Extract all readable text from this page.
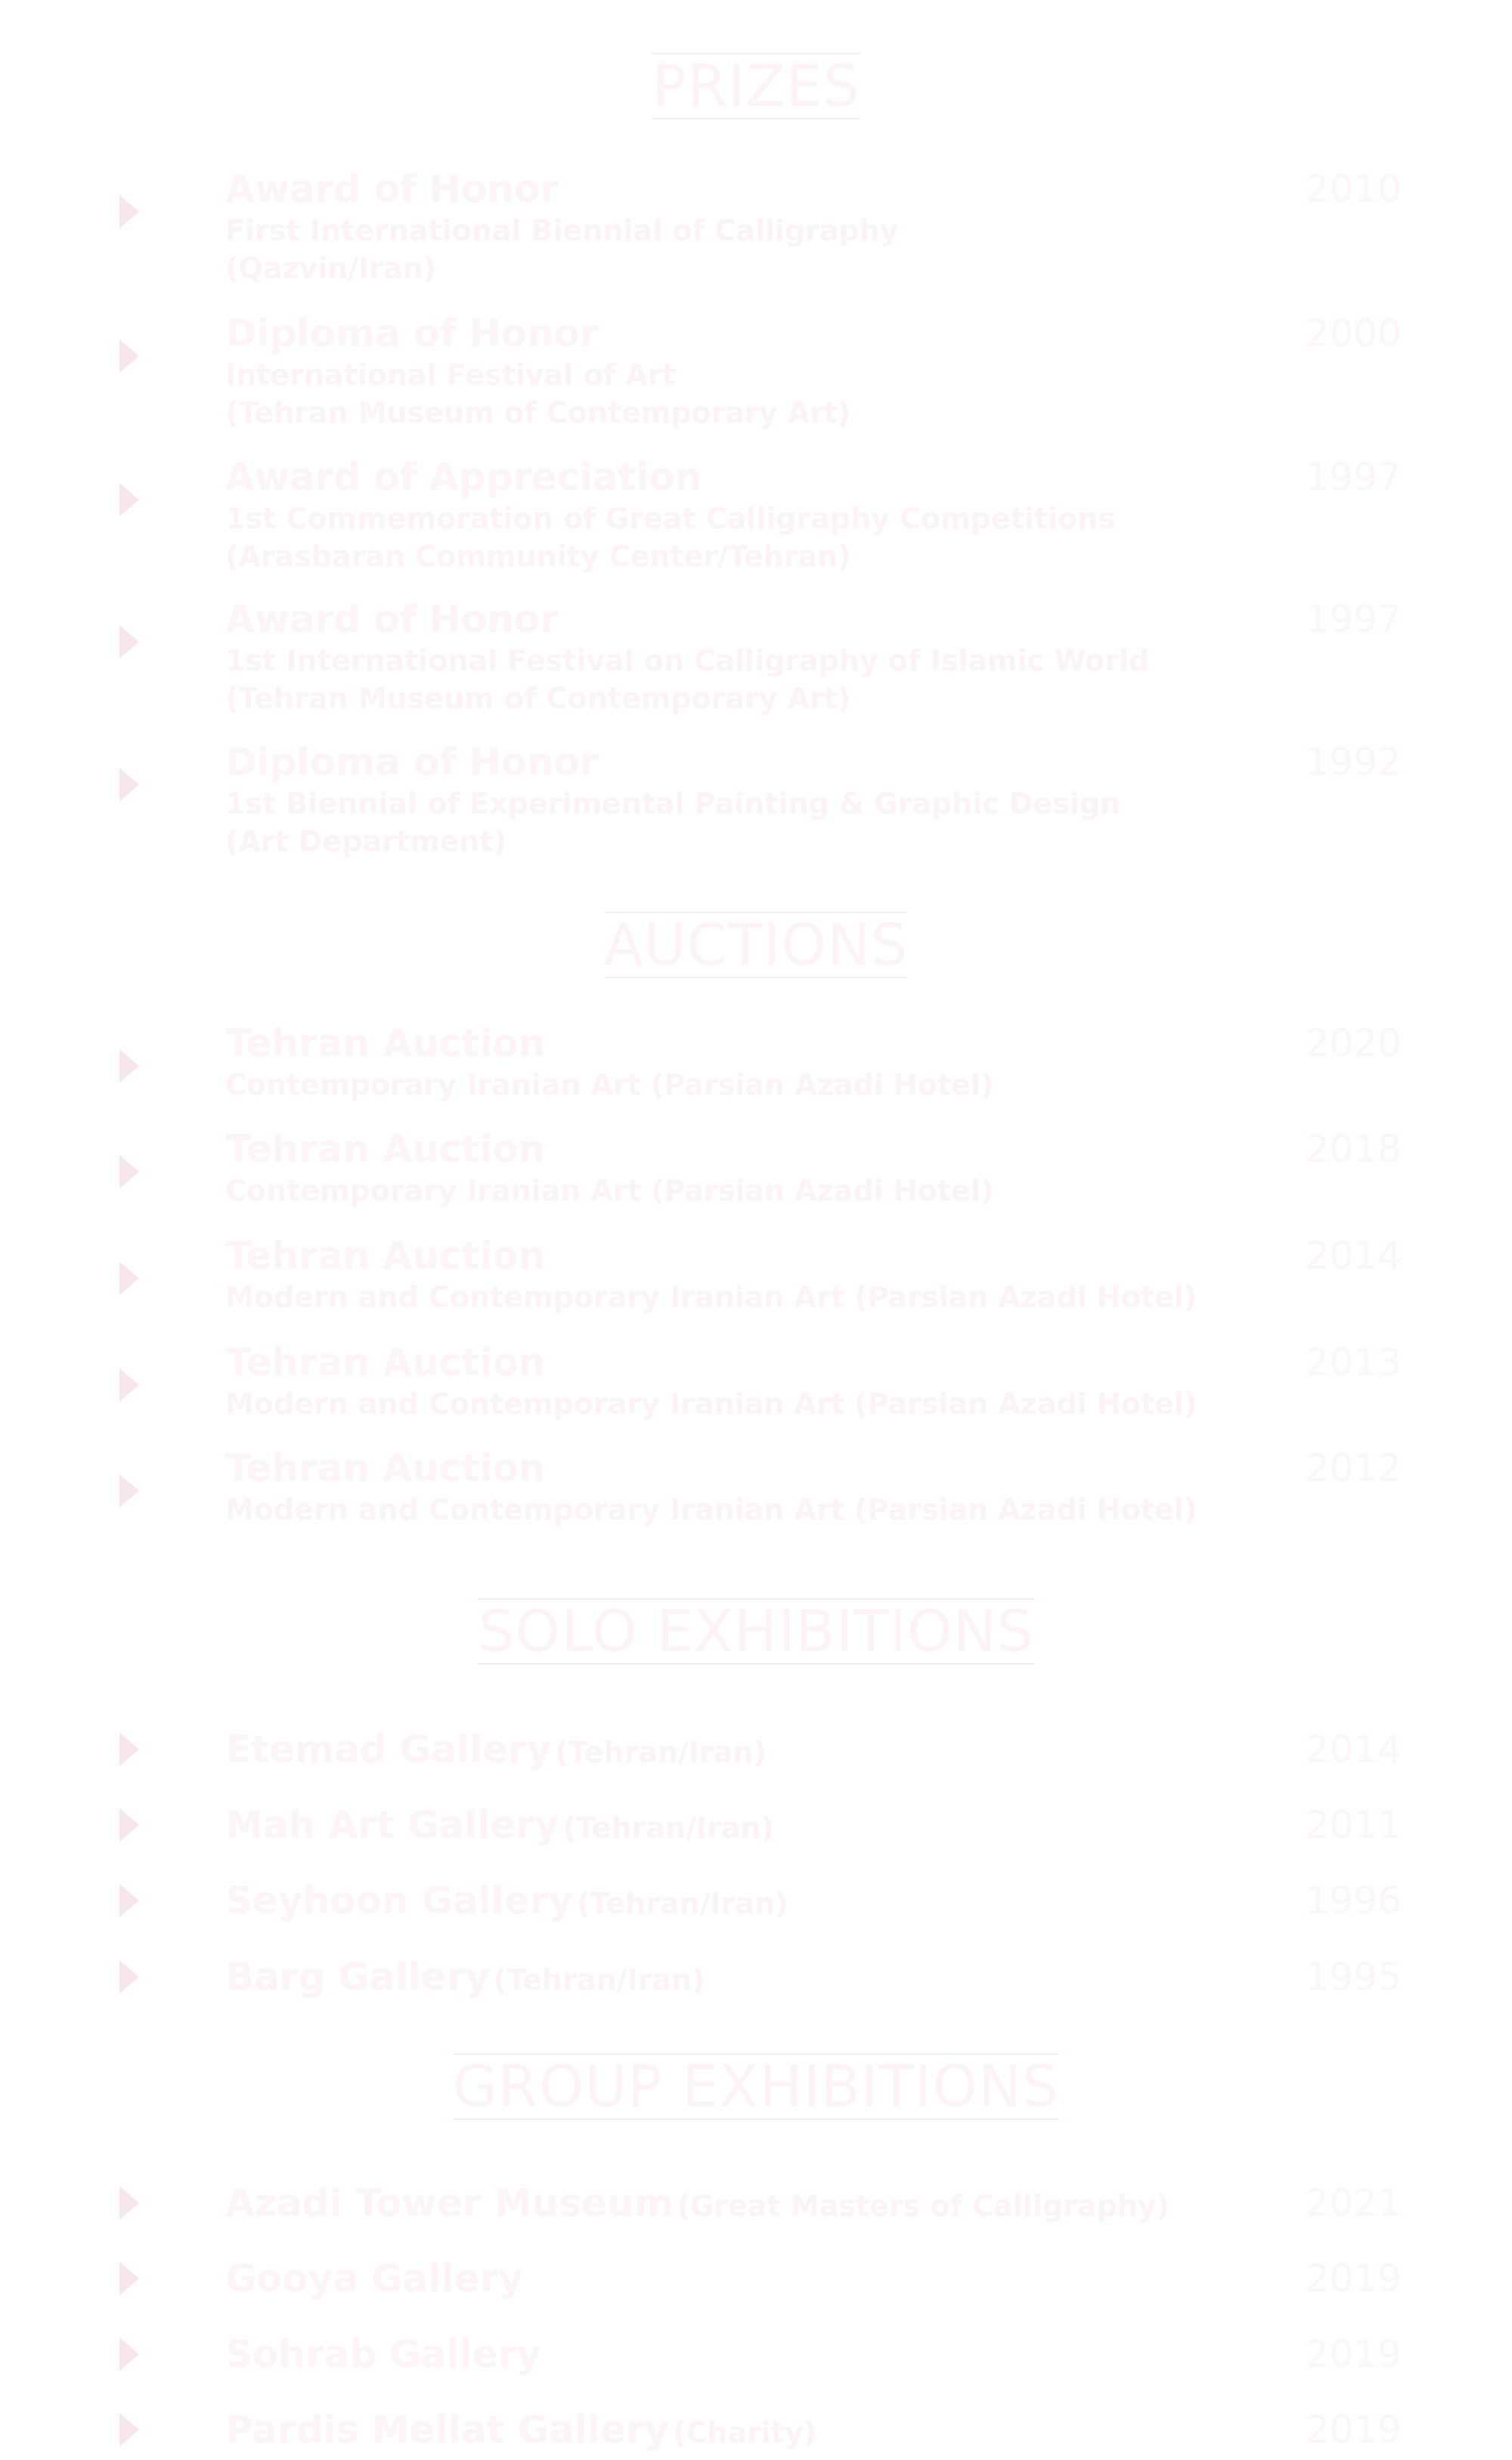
PRIZES
Award of Honor
First International Biennial of Calligraphy
(Qazvin/Iran)
2010
Diploma of Honor
International Festival of Art
(Tehran Museum of Contemporary Art)
2000
Award of Appreciation
1st Commemoration of Great Calligraphy Competitions
(Arasbaran Community Center/Tehran)
1997
Award of Honor
1st International Festival on Calligraphy of Islamic World
(Tehran Museum of Contemporary Art)
1997
Diploma of Honor
1st Biennial of Experimental Painting & Graphic Design
(Art Department)
1992
AUCTIONS
Tehran Auction
Contemporary Iranian Art (Parsian Azadi Hotel)
2020
Tehran Auction
Contemporary Iranian Art (Parsian Azadi Hotel)
2018
Tehran Auction
Modern and Contemporary Iranian Art (Parsian Azadi Hotel)
2014
Tehran Auction
Modern and Contemporary Iranian Art (Parsian Azadi Hotel)
2013
Tehran Auction
Modern and Contemporary Iranian Art (Parsian Azadi Hotel)
2012
SOLO EXHIBITIONS
Etemad Gallery (Tehran/Iran)	2014
Mah Art Gallery (Tehran/Iran)	2011
Seyhoon Gallery (Tehran/Iran)	1996
Barg Gallery (Tehran/Iran)	1995
GROUP EXHIBITIONS
Azadi Tower Museum (Great Masters of Calligraphy)	2021
Gooya Gallery	2019
Sohrab Gallery	2019
Pardis Mellat Gallery (Charity)	2019
